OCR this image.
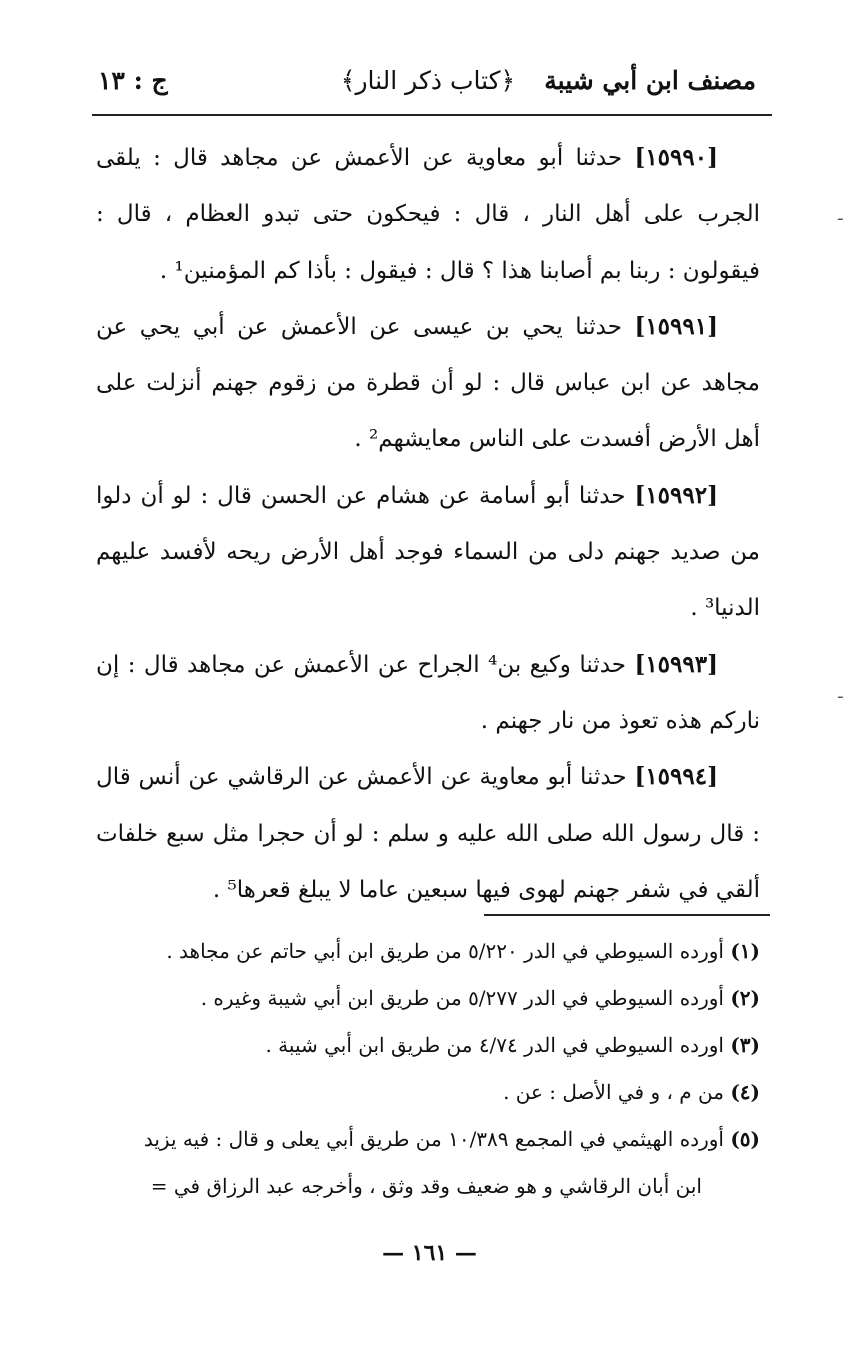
مصنف ابن أبي شيبة
﴿كتاب ذكر النار﴾
ج : ١٣

[١٥٩٩٠] حدثنا أبو معاوية عن الأعمش عن مجاهد قال : يلقى الجرب على أهل النار ، قال : فيحكون حتى تبدو العظام ، قال : فيقولون : ربنا بم أصابنا هذا ؟ قال : فيقول : بأذا كم المؤمنين¹ .

[١٥٩٩١] حدثنا يحي بن عيسى عن الأعمش عن أبي يحي عن مجاهد عن ابن عباس قال : لو أن قطرة من زقوم جهنم أنزلت على أهل الأرض أفسدت على الناس معايشهم² .

[١٥٩٩٢] حدثنا أبو أسامة عن هشام عن الحسن قال : لو أن دلوا من صديد جهنم دلى من السماء فوجد أهل الأرض ريحه لأفسد عليهم الدنيا³ .

[١٥٩٩٣] حدثنا وكيع بن⁴ الجراح عن الأعمش عن مجاهد قال : إن ناركم هذه تعوذ من نار جهنم .

[١٥٩٩٤] حدثنا أبو معاوية عن الأعمش عن الرقاشي عن أنس قال : قال رسول الله صلى الله عليه و سلم : لو أن حجرا مثل سبع خلفات ألقي في شفر جهنم لهوى فيها سبعين عاما لا يبلغ قعرها⁵ .

(١) أورده السيوطي في الدر ٥/٢٢٠ من طريق ابن أبي حاتم عن مجاهد .

(٢) أورده السيوطي في الدر ٥/٢٧٧ من طريق ابن أبي شيبة وغيره .

(٣) اورده السيوطي في الدر ٤/٧٤ من طريق ابن أبي شيبة .

(٤) من م ، و في الأصل : عن .

(٥) أورده الهيثمي في المجمع ١٠/٣٨٩ من طريق أبي يعلى و قال : فيه يزيد

ابن أبان الرقاشي و هو ضعيف وقد وثق ، وأخرجه عبد الرزاق في =

— ١٦١ —
ـ
ـ
